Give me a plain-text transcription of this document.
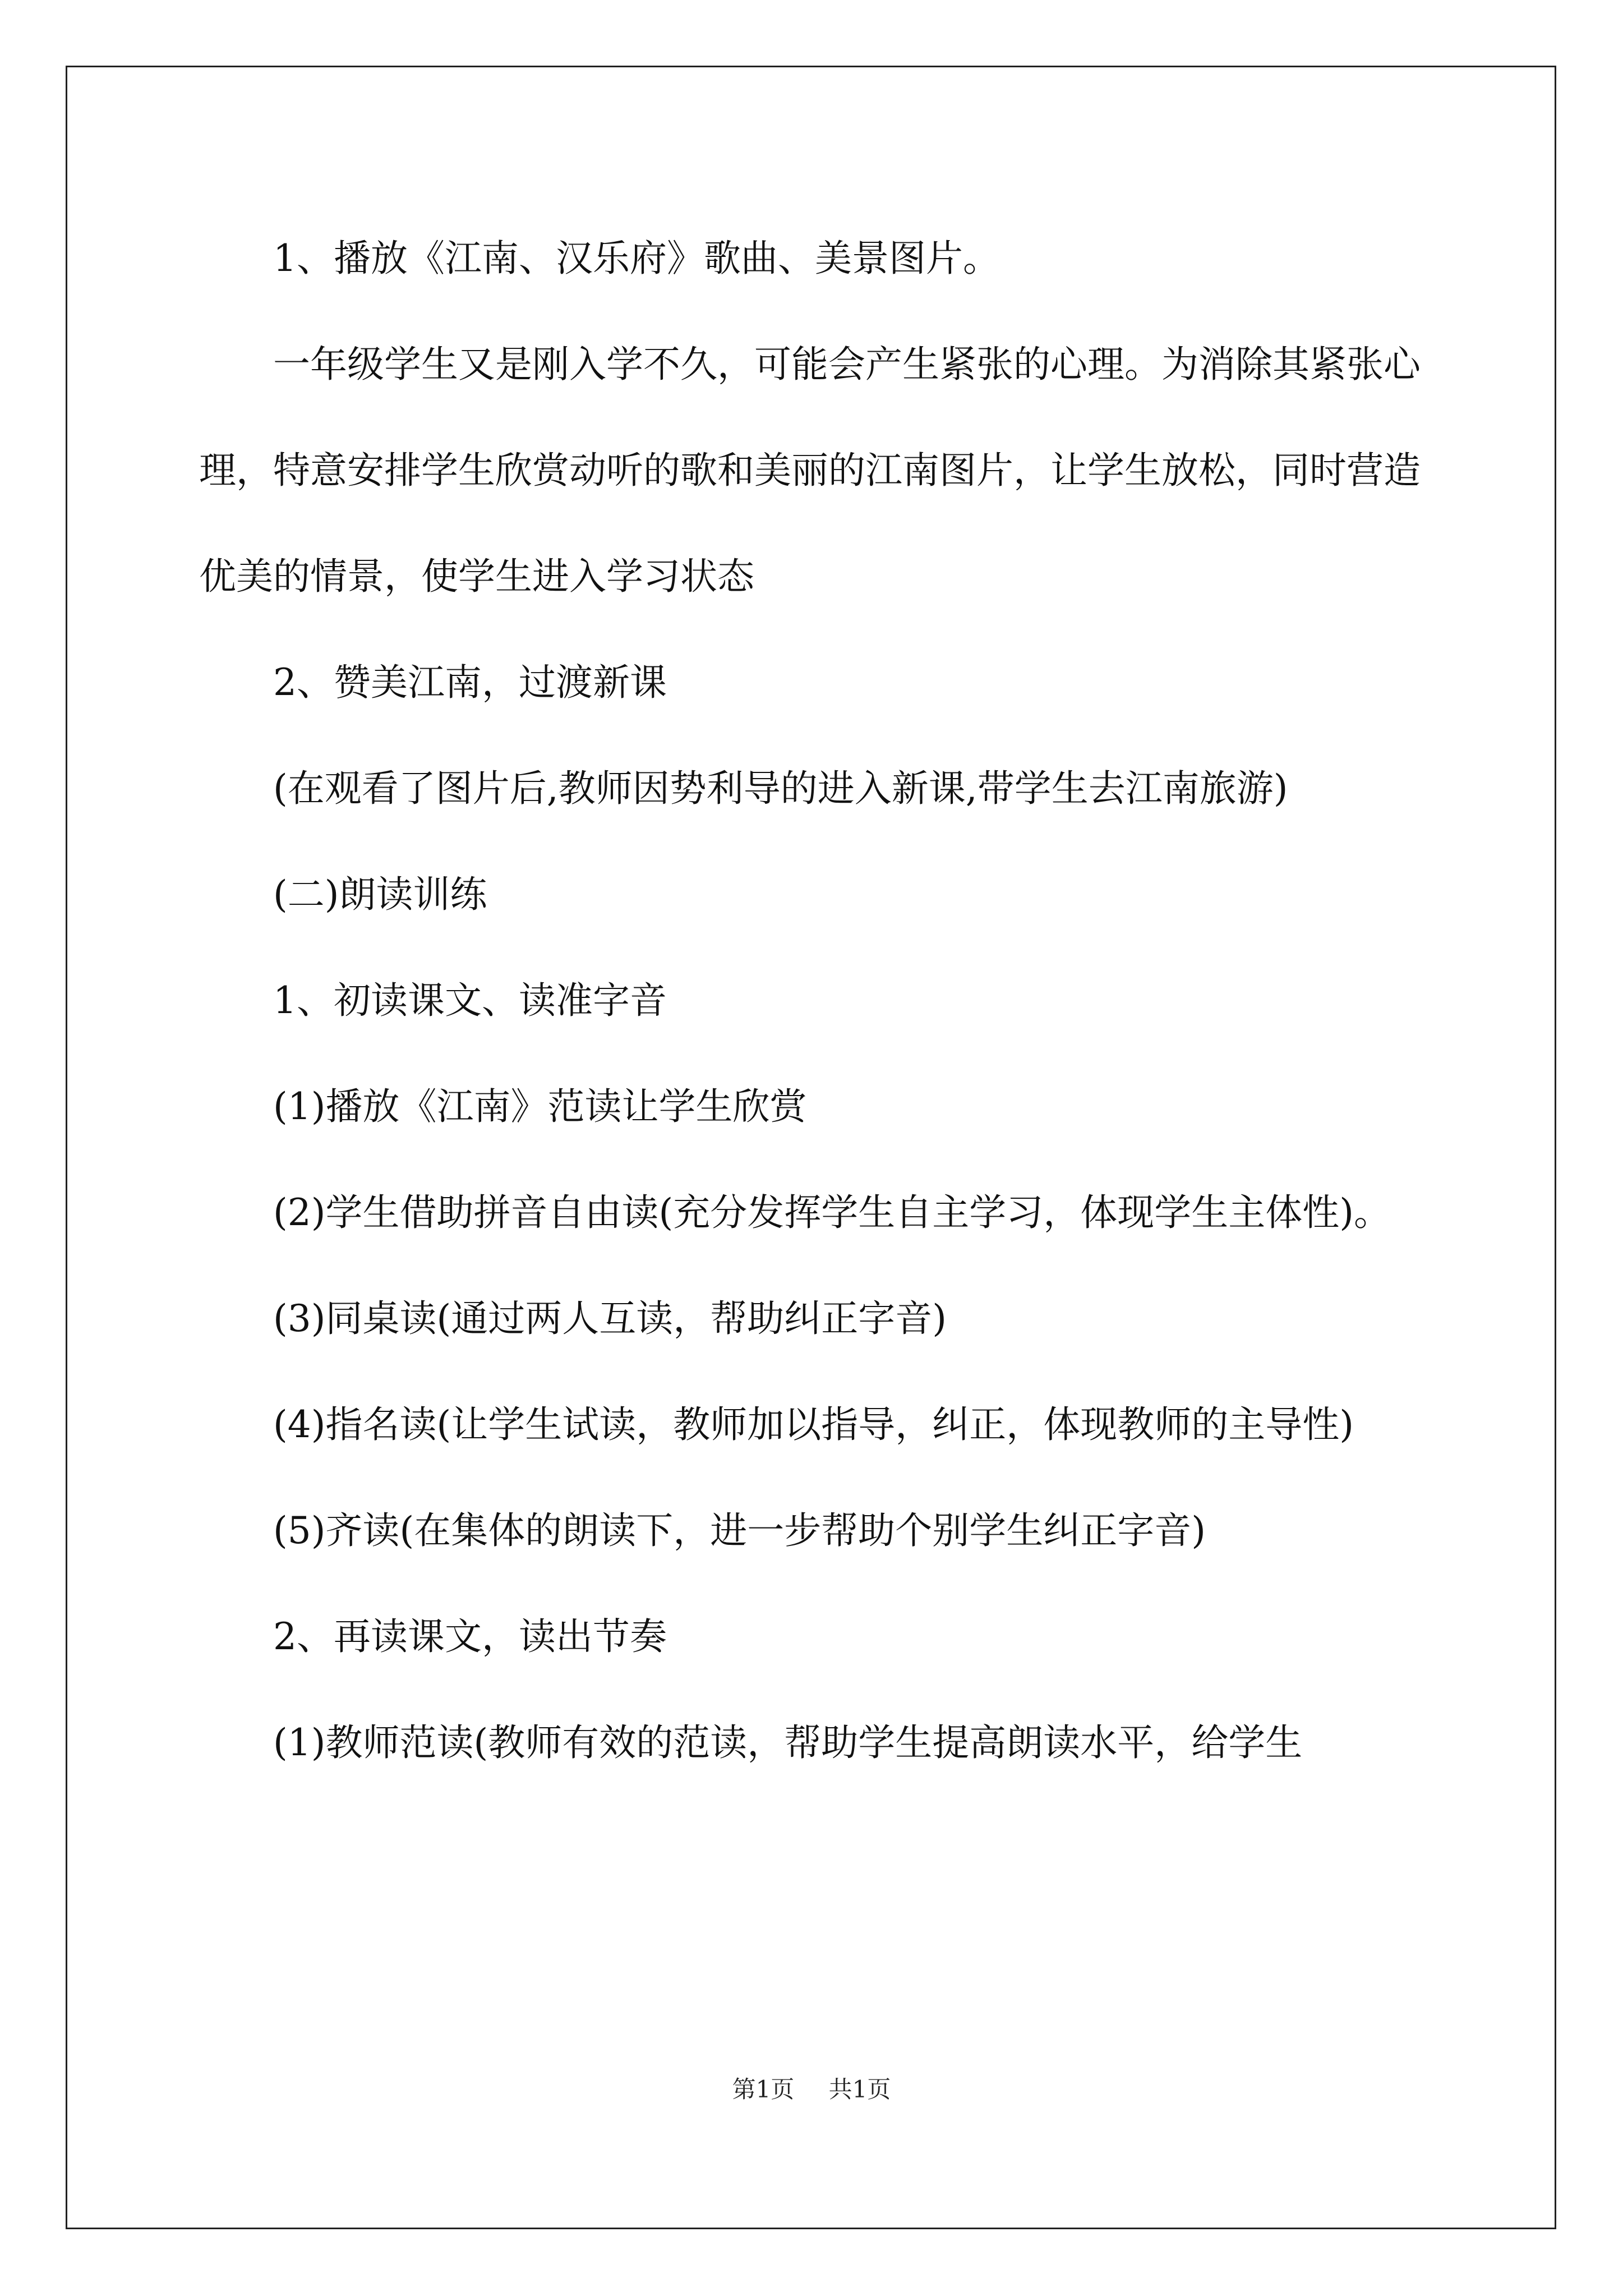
1、播放《江南、汉乐府》歌曲、美景图片。

一年级学生又是刚入学不久，可能会产生紧张的心理。为消除其紧张心理，特意安排学生欣赏动听的歌和美丽的江南图片，让学生放松，同时营造优美的情景，使学生进入学习状态

2、赞美江南，过渡新课

(在观看了图片后,教师因势利导的进入新课,带学生去江南旅游)

(二)朗读训练

1、初读课文、读准字音

(1)播放《江南》范读让学生欣赏

(2)学生借助拼音自由读(充分发挥学生自主学习，体现学生主体性)。

(3)同桌读(通过两人互读，帮助纠正字音)

(4)指名读(让学生试读，教师加以指导，纠正，体现教师的主导性)

(5)齐读(在集体的朗读下，进一步帮助个别学生纠正字音)

2、再读课文，读出节奏

(1)教师范读(教师有效的范读，帮助学生提高朗读水平，给学生

第1页 共1页
